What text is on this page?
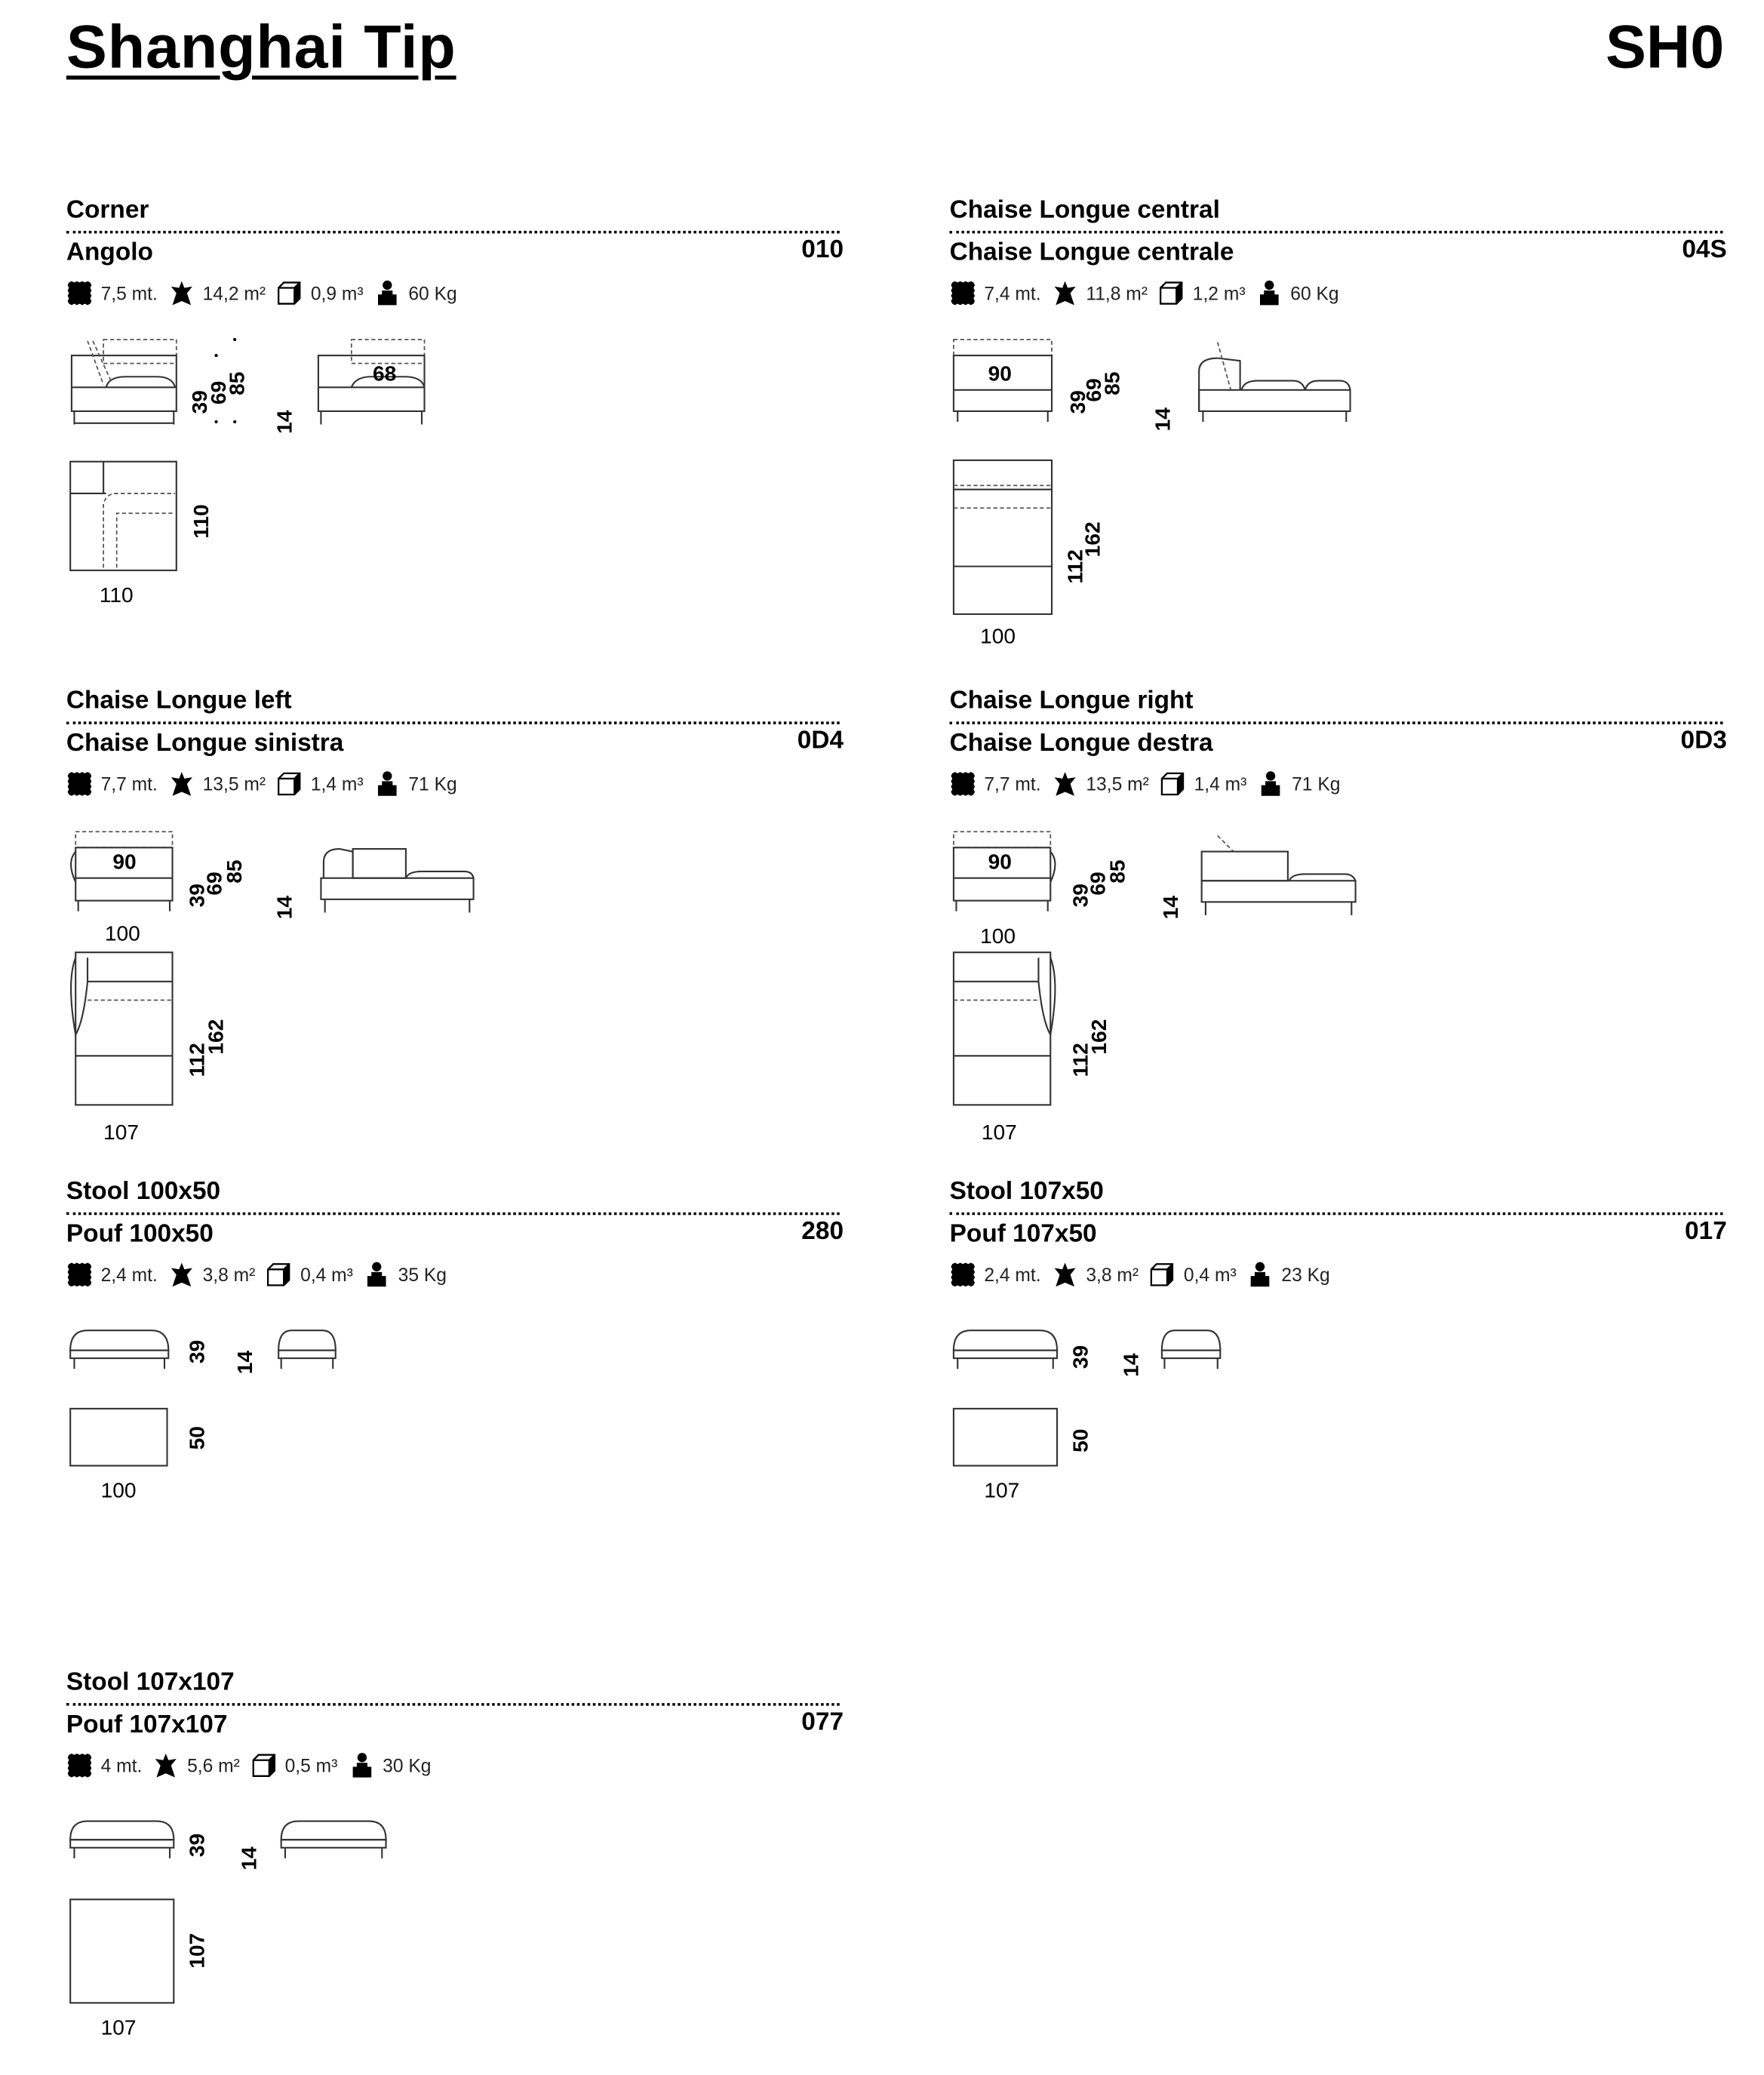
Shanghai Tip	SH0
Corner
Angolo	010
7,5 mt.	14,2 m²	0,9 m³	60 Kg
Chaise Longue central
Chaise Longue centrale	04S
7,4 mt.	11,8 m²	1,2 m³	60 Kg
Chaise Longue left
Chaise Longue sinistra	0D4
7,7 mt.	13,5 m²	1,4 m³	71 Kg
Chaise Longue right
Chaise Longue destra	0D3
7,7 mt.	13,5 m²	1,4 m³	71 Kg
Stool 100x50
Pouf 100x50	280
2,4 mt.	3,8 m²	0,4 m³	35 Kg
Stool 107x50
Pouf 107x50	017
2,4 mt.	3,8 m²	0,4 m³	23 Kg
Stool 107x107
Pouf 107x107	077
4 mt.	5,6 m²	0,5 m³	30 Kg
39
69
85
14
68
110
110
90
39
69
85
14
112
162
100
90
100
39
69
85
14
112
162
107
90
100
39
69
85
14
112
162
107
39 14
50
100
39 14
50
107
39
14
107
107
